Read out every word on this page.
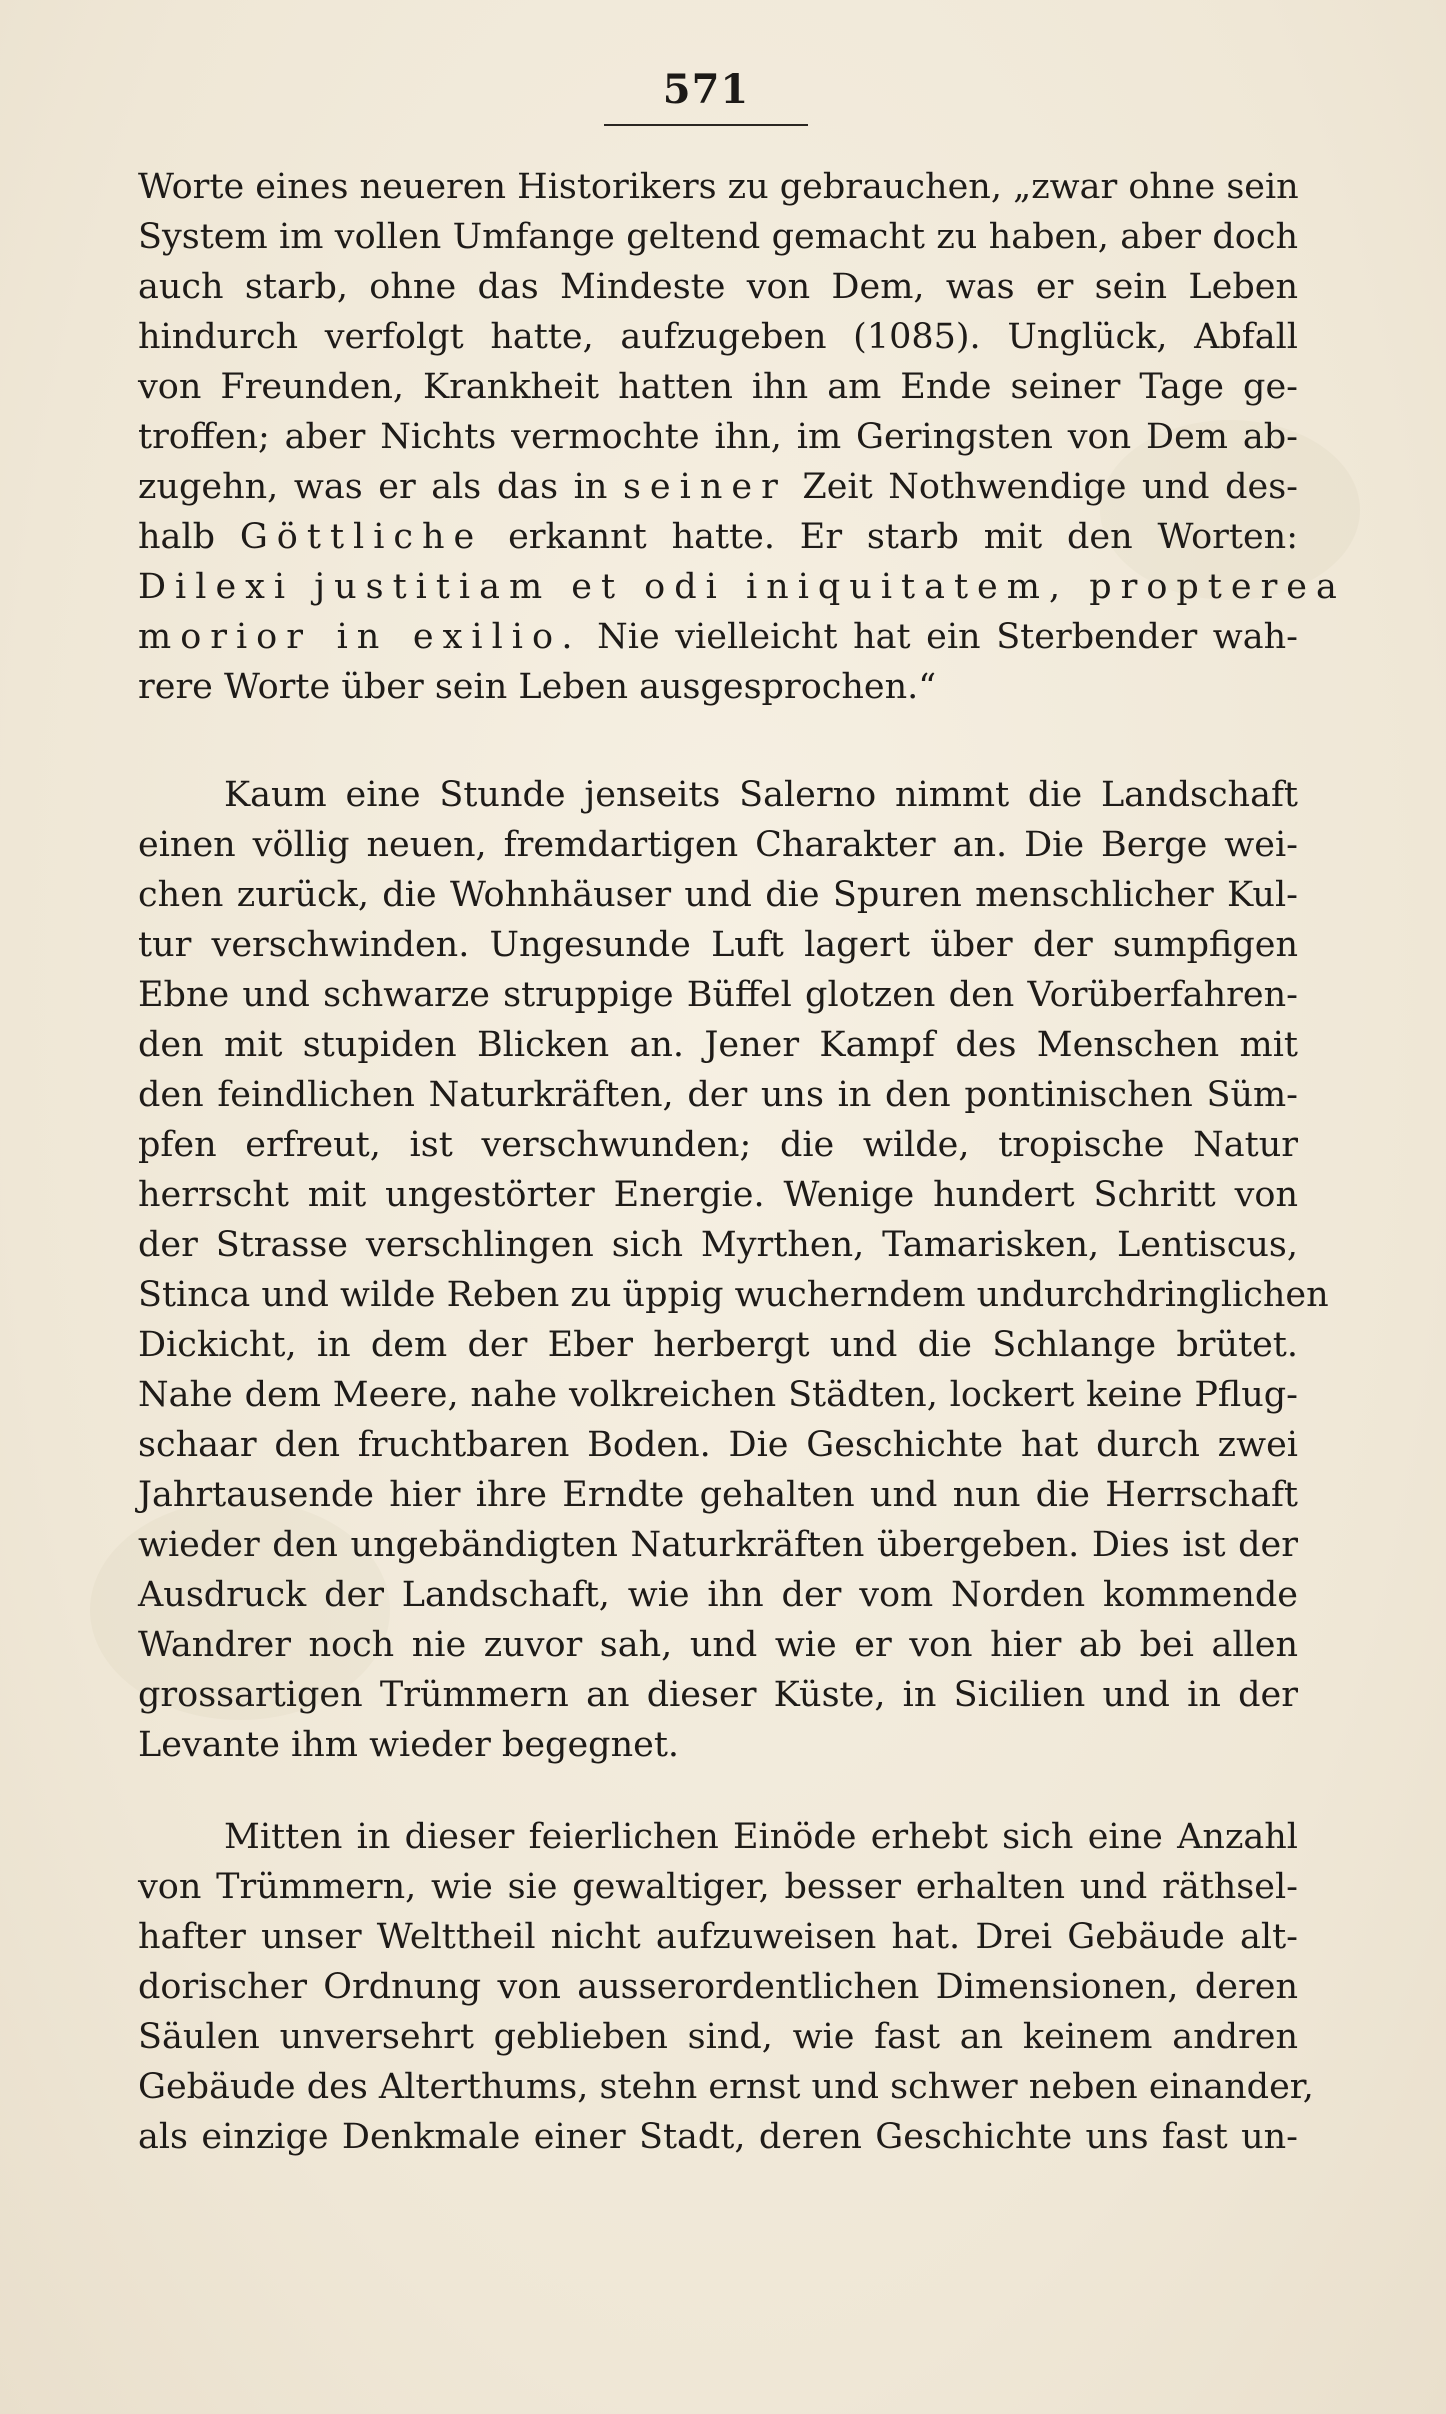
571
Worte eines neueren Historikers zu gebrauchen, „zwar ohne sein
System im vollen Umfange geltend gemacht zu haben, aber doch
auch starb, ohne das Mindeste von Dem, was er sein Leben
hindurch verfolgt hatte, aufzugeben (1085). Unglück, Abfall
von Freunden, Krankheit hatten ihn am Ende seiner Tage ge-
troffen; aber Nichts vermochte ihn, im Geringsten von Dem ab-
zugehn, was er als das in seiner Zeit Nothwendige und des-
halb Göttliche erkannt hatte. Er starb mit den Worten:
Dilexi justitiam et odi iniquitatem, propterea
morior in exilio. Nie vielleicht hat ein Sterbender wah-
rere Worte über sein Leben ausgesprochen.“
Kaum eine Stunde jenseits Salerno nimmt die Landschaft
einen völlig neuen, fremdartigen Charakter an. Die Berge wei-
chen zurück, die Wohnhäuser und die Spuren menschlicher Kul-
tur verschwinden. Ungesunde Luft lagert über der sumpfigen
Ebne und schwarze struppige Büffel glotzen den Vorüberfahren-
den mit stupiden Blicken an. Jener Kampf des Menschen mit
den feindlichen Naturkräften, der uns in den pontinischen Süm-
pfen erfreut, ist verschwunden; die wilde, tropische Natur
herrscht mit ungestörter Energie. Wenige hundert Schritt von
der Strasse verschlingen sich Myrthen, Tamarisken, Lentiscus,
Stinca und wilde Reben zu üppig wucherndem undurchdringlichen
Dickicht, in dem der Eber herbergt und die Schlange brütet.
Nahe dem Meere, nahe volkreichen Städten, lockert keine Pflug-
schaar den fruchtbaren Boden. Die Geschichte hat durch zwei
Jahrtausende hier ihre Erndte gehalten und nun die Herrschaft
wieder den ungebändigten Naturkräften übergeben. Dies ist der
Ausdruck der Landschaft, wie ihn der vom Norden kommende
Wandrer noch nie zuvor sah, und wie er von hier ab bei allen
grossartigen Trümmern an dieser Küste, in Sicilien und in der
Levante ihm wieder begegnet.
Mitten in dieser feierlichen Einöde erhebt sich eine Anzahl
von Trümmern, wie sie gewaltiger, besser erhalten und räthsel-
hafter unser Welttheil nicht aufzuweisen hat. Drei Gebäude alt-
dorischer Ordnung von ausserordentlichen Dimensionen, deren
Säulen unversehrt geblieben sind, wie fast an keinem andren
Gebäude des Alterthums, stehn ernst und schwer neben einander,
als einzige Denkmale einer Stadt, deren Geschichte uns fast un-
